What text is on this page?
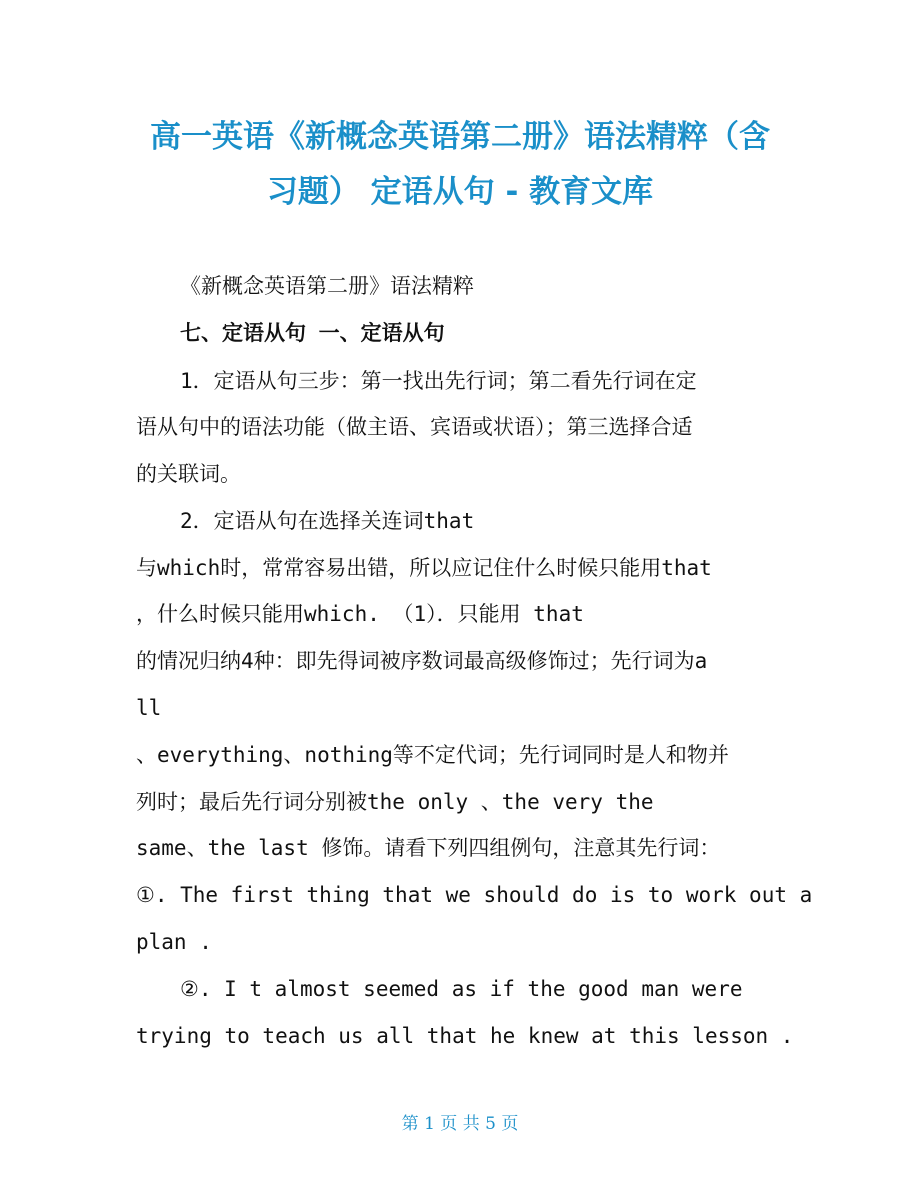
高一英语《新概念英语第二册》语法精粹（含
习题） 定语从句 - 教育文库
《新概念英语第二册》语法精粹
七、定语从句 一、定语从句
1．定语从句三步：第一找出先行词；第二看先行词在定
语从句中的语法功能（做主语、宾语或状语）；第三选择合适
的关联词。
2．定语从句在选择关连词that
与which时，常常容易出错，所以应记住什么时候只能用that
，什么时候只能用which. （1）．只能用 that
的情况归纳4种：即先得词被序数词最高级修饰过；先行词为a
ll
、everything、nothing等不定代词；先行词同时是人和物并
列时；最后先行词分别被the only 、the very the
same、the last 修饰。请看下列四组例句，注意其先行词：
①. The first thing that we should do is to work out a
plan .
②. I t almost seemed as if the good man were
trying to teach us all that he knew at this lesson .
第 1 页 共 5 页
